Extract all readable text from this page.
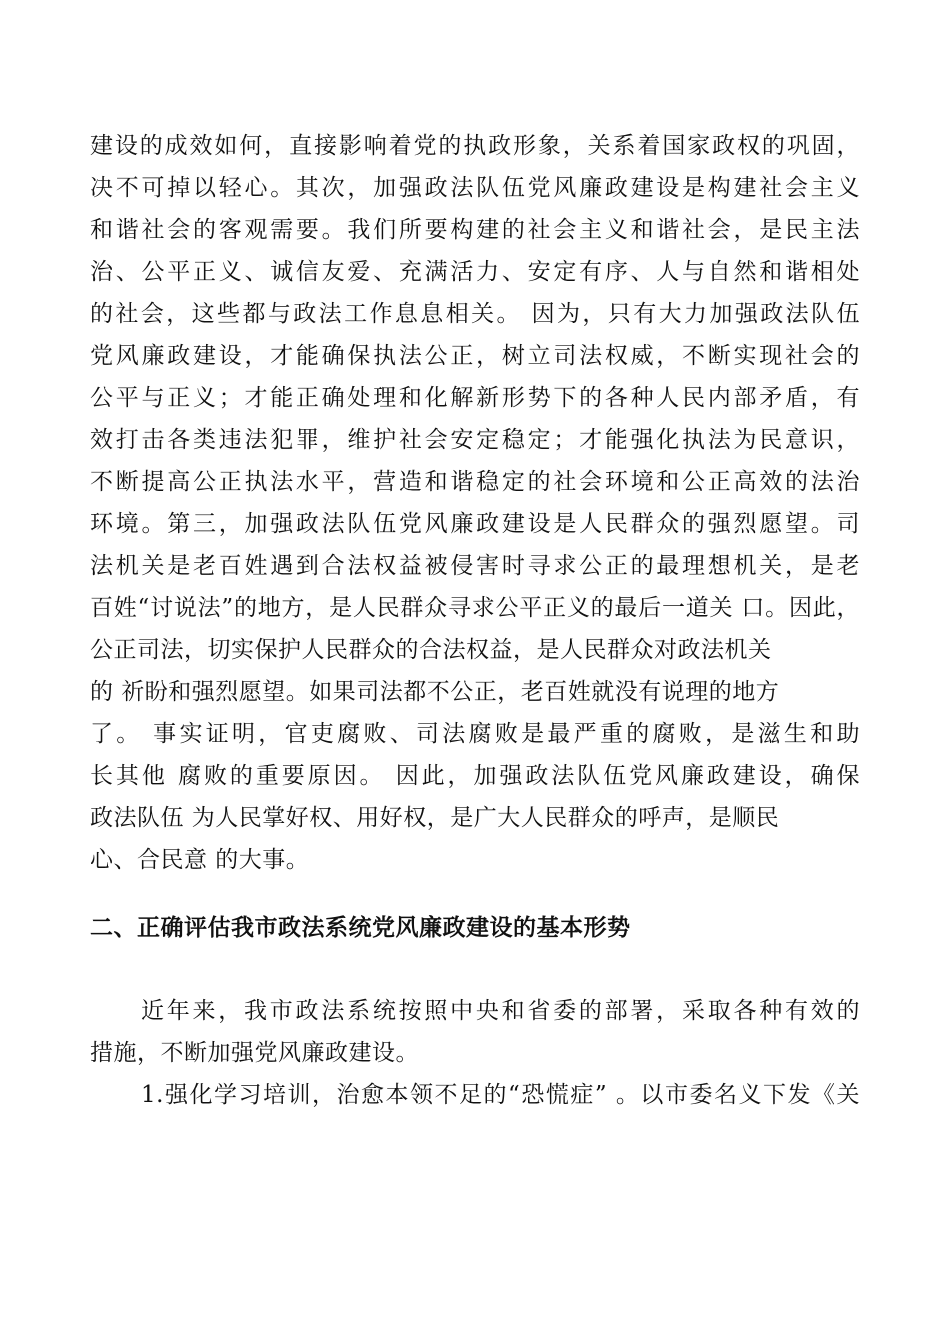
建设的成效如何，直接影响着党的执政形象，关系着国家政权的巩固，
决不可掉以轻心。其次，加强政法队伍党风廉政建设是构建社会主义
和谐社会的客观需要。我们所要构建的社会主义和谐社会，是民主法
治、公平正义、诚信友爱、充满活力、安定有序、人与自然和谐相处
的社会，这些都与政法工作息息相关。 因为，只有大力加强政法队伍
党风廉政建设，才能确保执法公正，树立司法权威，不断实现社会的
公平与正义；才能正确处理和化解新形势下的各种人民内部矛盾，有
效打击各类违法犯罪，维护社会安定稳定；才能强化执法为民意识，
不断提高公正执法水平，营造和谐稳定的社会环境和公正高效的法治
环境。第三，加强政法队伍党风廉政建设是人民群众的强烈愿望。司
法机关是老百姓遇到合法权益被侵害时寻求公正的最理想机关，是老
百姓“讨说法”的地方，是人民群众寻求公平正义的最后一道关 口。因此，
公正司法，切实保护人民群众的合法权益，是人民群众对政法机关
的 祈盼和强烈愿望。如果司法都不公正，老百姓就没有说理的地方
了。 事实证明，官吏腐败、司法腐败是最严重的腐败，是滋生和助
长其他 腐败的重要原因。 因此，加强政法队伍党风廉政建设，确保
政法队伍 为人民掌好权、用好权，是广大人民群众的呼声，是顺民
心、合民意 的大事。
二、正确评估我市政法系统党风廉政建设的基本形势
近年来，我市政法系统按照中央和省委的部署，采取各种有效的
措施，不断加强党风廉政建设。
1.强化学习培训，治愈本领不足的“恐慌症” 。以市委名义下发《关
